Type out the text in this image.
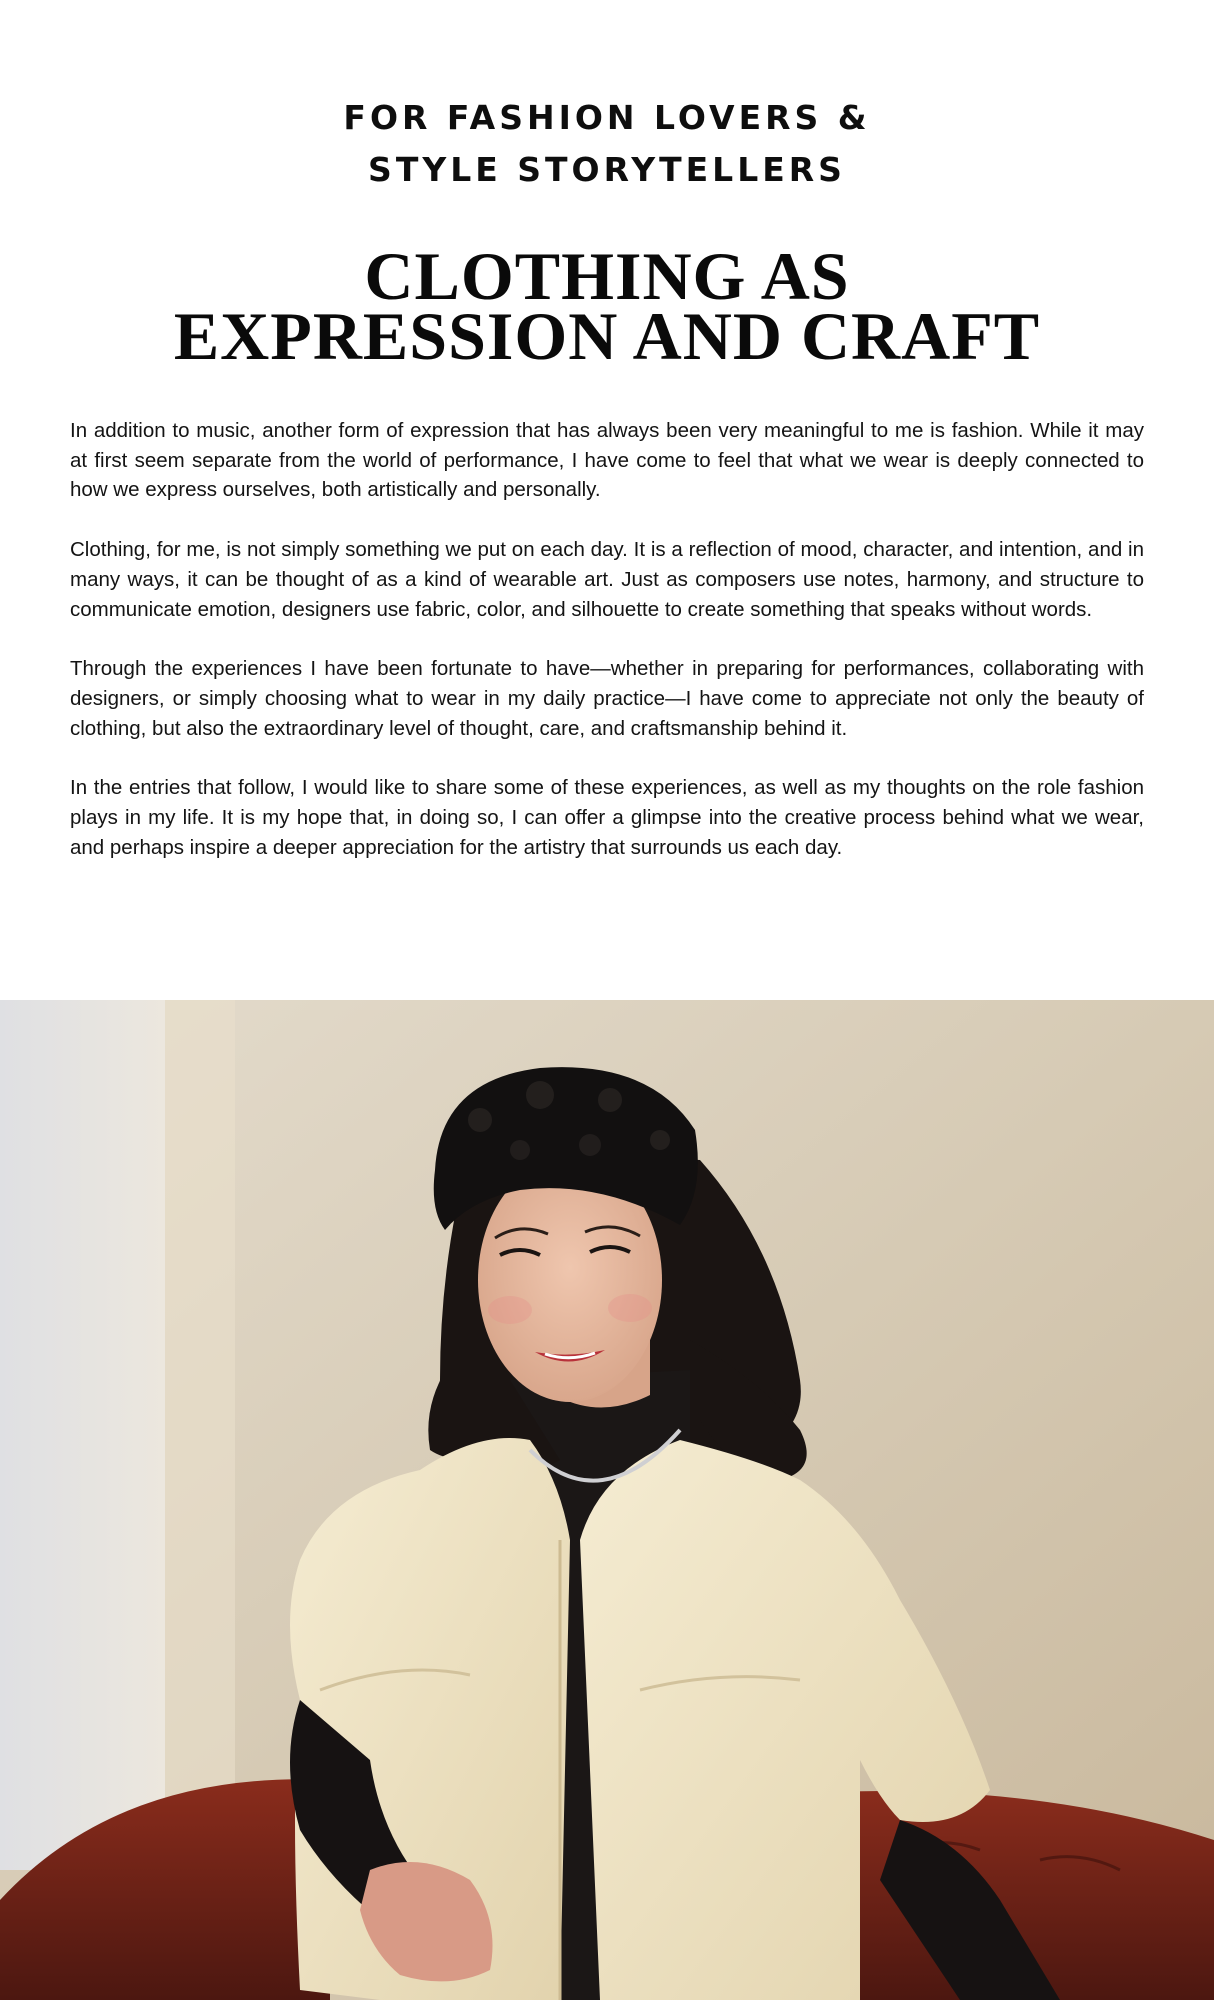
FOR FASHION LOVERS &
STYLE STORYTELLERS
CLOTHING AS
EXPRESSION AND CRAFT

In addition to music, another form of expression that has always been very meaningful to me is fashion. While it may at first seem separate from the world of performance, I have come to feel that what we wear is deeply connected to how we express ourselves, both artistically and personally.

Clothing, for me, is not simply something we put on each day. It is a reflection of mood, character, and intention, and in many ways, it can be thought of as a kind of wearable art. Just as composers use notes, harmony, and structure to communicate emotion, designers use fabric, color, and silhouette to create something that speaks without words.

Through the experiences I have been fortunate to have—whether in preparing for performances, collaborating with designers, or simply choosing what to wear in my daily practice—I have come to appreciate not only the beauty of clothing, but also the extraordinary level of thought, care, and craftsmanship behind it.

In the entries that follow, I would like to share some of these experiences, as well as my thoughts on the role fashion plays in my life. It is my hope that, in doing so, I can offer a glimpse into the creative process behind what we wear, and perhaps inspire a deeper appreciation for the artistry that surrounds us each day.
